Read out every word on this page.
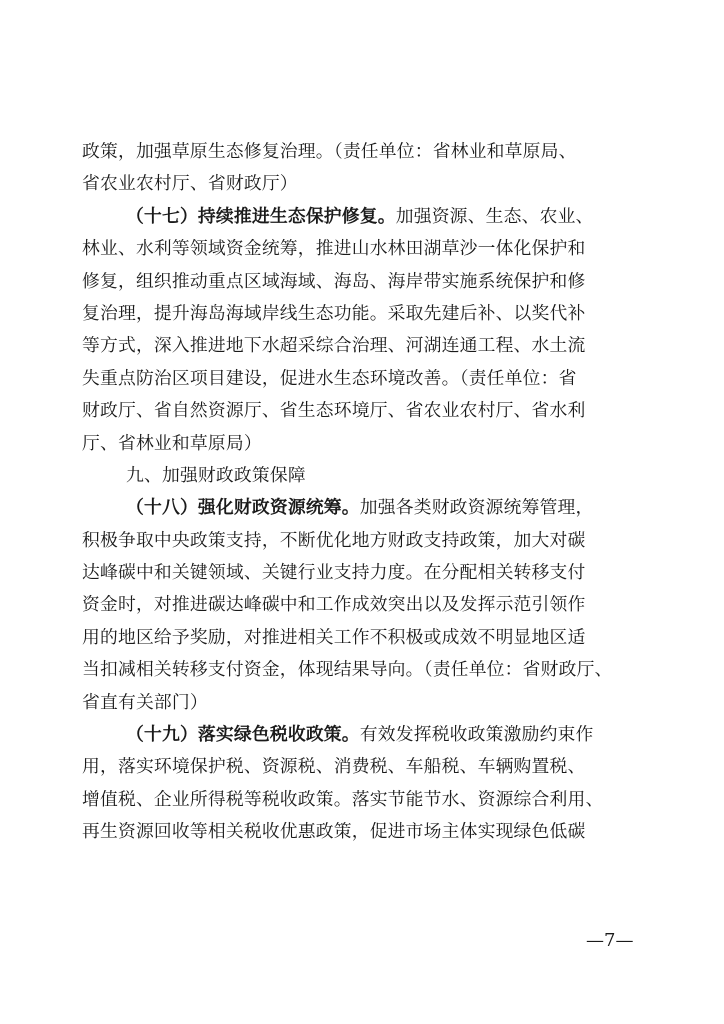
政策，加强草原生态修复治理。（责任单位：省林业和草原局、
省农业农村厅、省财政厅）
（十七）持续推进生态保护修复。加强资源、生态、农业、
林业、水利等领域资金统筹，推进山水林田湖草沙一体化保护和
修复，组织推动重点区域海域、海岛、海岸带实施系统保护和修
复治理，提升海岛海域岸线生态功能。采取先建后补、以奖代补
等方式，深入推进地下水超采综合治理、河湖连通工程、水土流
失重点防治区项目建设，促进水生态环境改善。（责任单位：省
财政厅、省自然资源厅、省生态环境厅、省农业农村厅、省水利
厅、省林业和草原局）
九、加强财政政策保障
（十八）强化财政资源统筹。加强各类财政资源统筹管理，
积极争取中央政策支持，不断优化地方财政支持政策，加大对碳
达峰碳中和关键领域、关键行业支持力度。在分配相关转移支付
资金时，对推进碳达峰碳中和工作成效突出以及发挥示范引领作
用的地区给予奖励，对推进相关工作不积极或成效不明显地区适
当扣减相关转移支付资金，体现结果导向。（责任单位：省财政厅、
省直有关部门）
（十九）落实绿色税收政策。有效发挥税收政策激励约束作
用，落实环境保护税、资源税、消费税、车船税、车辆购置税、
增值税、企业所得税等税收政策。落实节能节水、资源综合利用、
再生资源回收等相关税收优惠政策，促进市场主体实现绿色低碳
—7—
